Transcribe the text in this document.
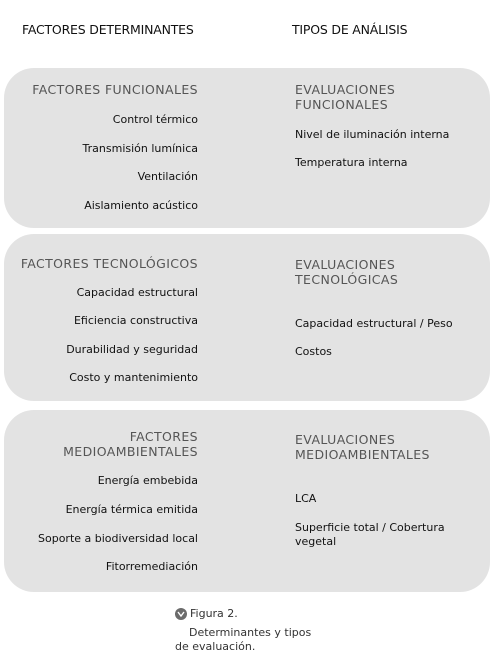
FACTORES DETERMINANTES	TIPOS DE ANÁLISIS
FACTORES FUNCIONALES
Control térmico
Transmisión lumínica
Ventilación
Aislamiento acústico
EVALUACIONES
FUNCIONALES
Nivel de iluminación interna
Temperatura interna
FACTORES TECNOLÓGICOS
Capacidad estructural
Eficiencia constructiva
Durabilidad y seguridad
Costo y mantenimiento
EVALUACIONES
TECNOLÓGICAS
Capacidad estructural / Peso
Costos
FACTORES
MEDIOAMBIENTALES
Energía embebida
Energía térmica emitida
Soporte a biodiversidad local
Fitorremediación
EVALUACIONES
MEDIOAMBIENTALES
LCA
Superficie total / Cobertura vegetal
Figura 2.
Determinantes y tipos
de evaluación.
